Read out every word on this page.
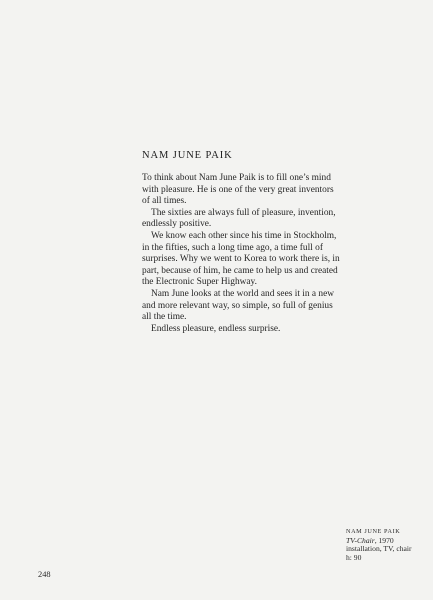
NAM JUNE PAIK

To think about Nam June Paik is to fill one’s mind with pleasure. He is one of the very great inventors of all times.

The sixties are always full of pleasure, invention, endlessly positive.

We know each other since his time in Stockholm, in the fifties, such a long time ago, a time full of surprises. Why we went to Korea to work there is, in part, because of him, he came to help us and created the Electronic Super Highway.

Nam June looks at the world and sees it in a new and more relevant way, so simple, so full of genius all the time.

Endless pleasure, endless surprise.

NAM JUNE PAIK
TV-Chair, 1970
installation, TV, chair
h: 90
248
